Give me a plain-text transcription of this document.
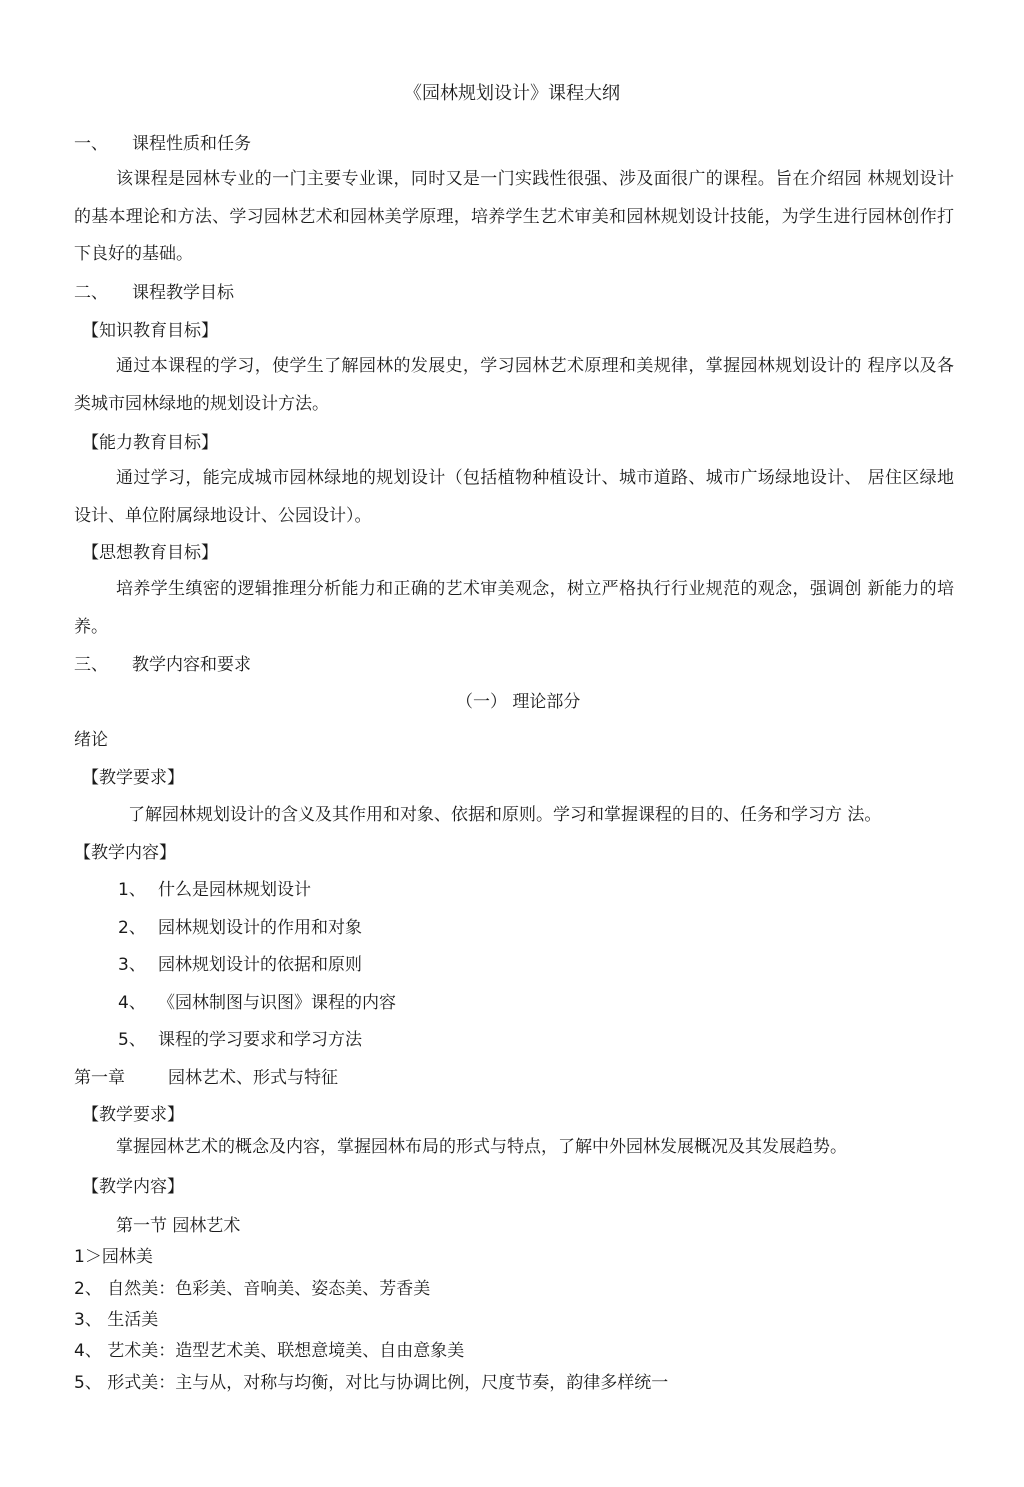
《园林规划设计》课程大纲
一、 课程性质和任务
该课程是园林专业的一门主要专业课，同时又是一门实践性很强、涉及面很广的课程。旨在介绍园 林规划设计的基本理论和方法、学习园林艺术和园林美学原理，培养学生艺术审美和园林规划设计技能，为学生进行园林创作打下良好的基础。
二、 课程教学目标
【知识教育目标】
通过本课程的学习，使学生了解园林的发展史，学习园林艺术原理和美规律，掌握园林规划设计的 程序以及各类城市园林绿地的规划设计方法。
【能力教育目标】
通过学习，能完成城市园林绿地的规划设计（包括植物种植设计、城市道路、城市广场绿地设计、 居住区绿地设计、单位附属绿地设计、公园设计）。
【思想教育目标】
培养学生缜密的逻辑推理分析能力和正确的艺术审美观念，树立严格执行行业规范的观念，强调创 新能力的培养。
三、 教学内容和要求
（一） 理论部分
绪论
【教学要求】
了解园林规划设计的含义及其作用和对象、依据和原则。学习和掌握课程的目的、任务和学习方 法。
【教学内容】
1、 什么是园林规划设计
2、 园林规划设计的作用和对象
3、 园林规划设计的依据和原则
4、 《园林制图与识图》课程的内容
5、 课程的学习要求和学习方法
第一章	园林艺术、形式与特征
【教学要求】
掌握园林艺术的概念及内容，掌握园林布局的形式与特点，了解中外园林发展概况及其发展趋势。
【教学内容】
第一节 园林艺术
1＞园林美
2、 自然美：色彩美、音响美、姿态美、芳香美
3、 生活美
4、 艺术美：造型艺术美、联想意境美、自由意象美
5、 形式美：主与从，对称与均衡，对比与协调比例，尺度节奏，韵律多样统一
